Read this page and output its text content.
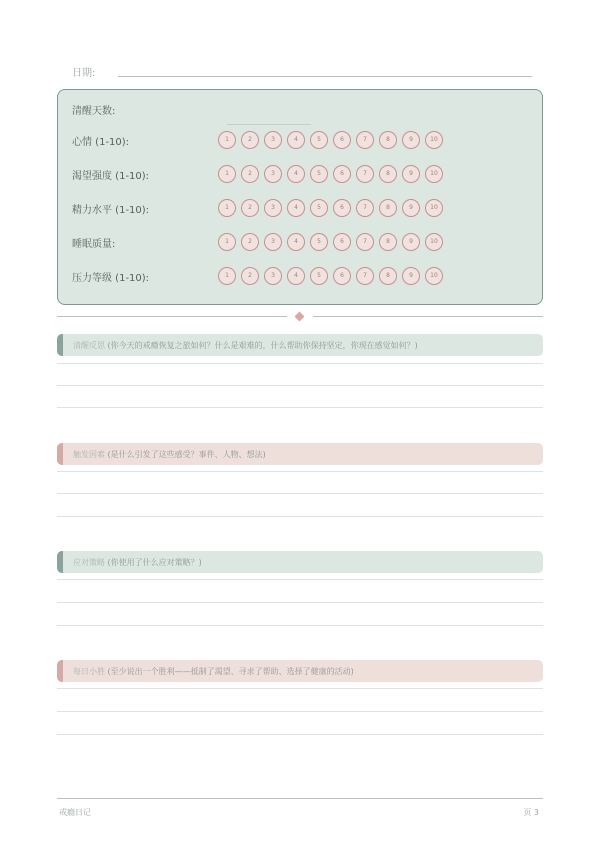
日期:
清醒天数:
心情 (1-10):	1	2	3	4	5	6	7	8	9	10
渴望强度 (1-10):	1	2	3	4	5	6	7	8	9	10
精力水平 (1-10):	1	2	3	4	5	6	7	8	9	10
睡眠质量:	1	2	3	4	5	6	7	8	9	10
压力等级 (1-10):	1	2	3	4	5	6	7	8	9	10
清醒反思 (你今天的戒瘾恢复之旅如何？什么是艰难的，什么帮助你保持坚定，你现在感觉如何？)
触发因素 (是什么引发了这些感受？事件、人物、想法)
应对策略 (你使用了什么应对策略？)
每日小胜 (至少说出一个胜利——抵制了渴望、寻求了帮助、选择了健康的活动)
戒瘾日记	页 3
